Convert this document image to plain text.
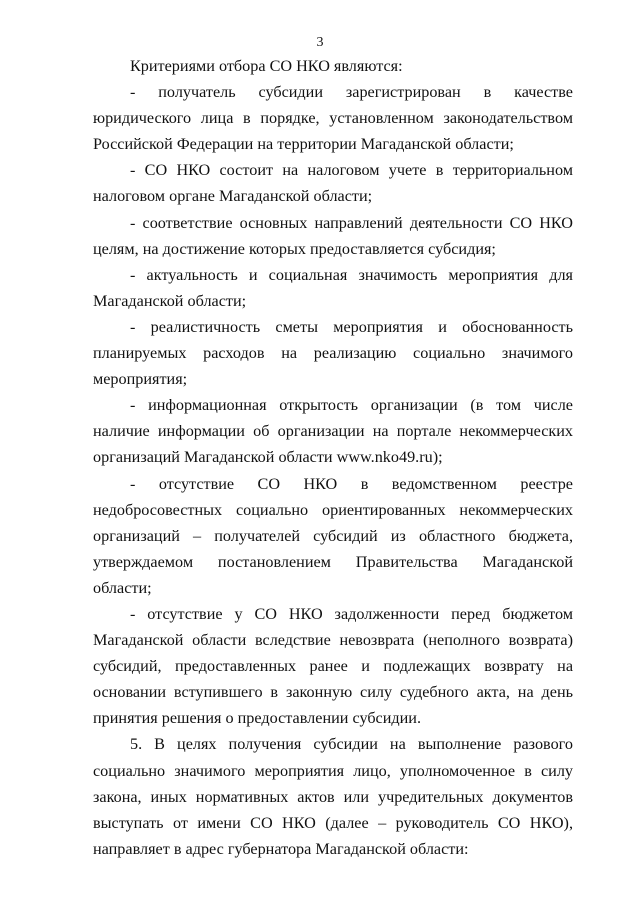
3

Критериями отбора СО НКО являются:

- получатель субсидии зарегистрирован в качестве юридического лица в порядке, установленном законодательством Российской Федерации на территории Магаданской области;

- СО НКО состоит на налоговом учете в территориальном налоговом органе Магаданской области;

- соответствие основных направлений деятельности СО НКО целям, на достижение которых предоставляется субсидия;

- актуальность и социальная значимость мероприятия для Магаданской области;

- реалистичность сметы мероприятия и обоснованность планируемых расходов на реализацию социально значимого мероприятия;

- информационная открытость организации (в том числе наличие информации об организации на портале некоммерческих организаций Магаданской области www.nko49.ru);

- отсутствие СО НКО в ведомственном реестре недобросовестных социально ориентированных некоммерческих организаций – получателей субсидий из областного бюджета, утверждаемом постановлением Правительства Магаданской области;

- отсутствие у СО НКО задолженности перед бюджетом Магаданской области вследствие невозврата (неполного возврата) субсидий, предоставленных ранее и подлежащих возврату на основании вступившего в законную силу судебного акта, на день принятия решения о предоставлении субсидии.

5. В целях получения субсидии на выполнение разового социально значимого мероприятия лицо, уполномоченное в силу закона, иных нормативных актов или учредительных документов выступать от имени СО НКО (далее – руководитель СО НКО), направляет в адрес губернатора Магаданской области:
